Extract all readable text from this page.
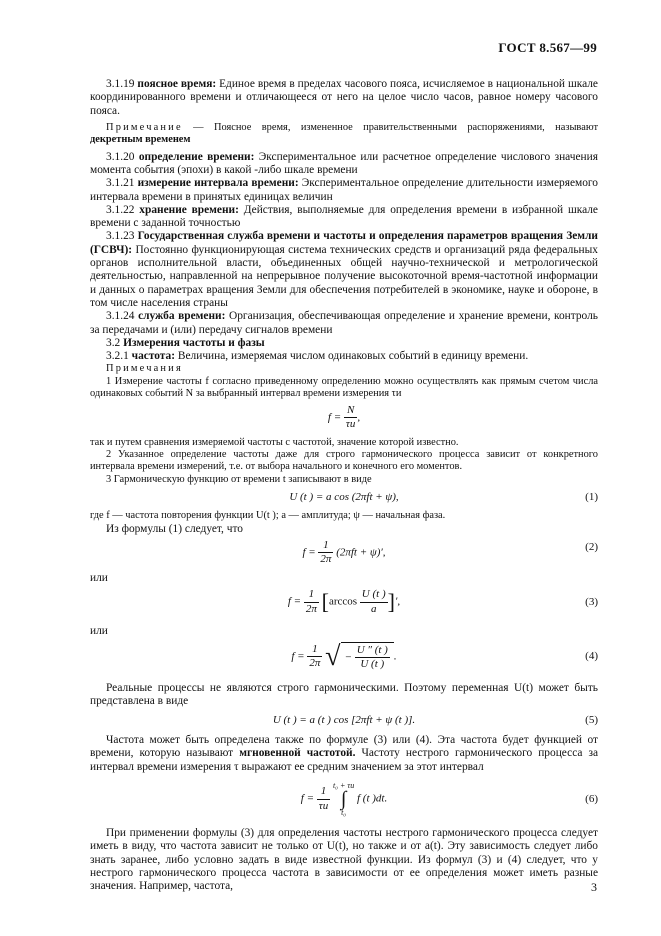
ГОСТ 8.567—99

3.1.19 поясное время: Единое время в пределах часового пояса, исчисляемое в национальной шкале координированного времени и отличающееся от него на целое число часов, равное номеру часового пояса.

Примечание — Поясное время, измененное правительственными распоряжениями, называют декретным временем

3.1.20 определение времени: Экспериментальное или расчетное определение числового значения момента события (эпохи) в какой -либо шкале времени

3.1.21 измерение интервала времени: Экспериментальное определение длительности измеряемого интервала времени в принятых единицах величин

3.1.22 хранение времени: Действия, выполняемые для определения времени в избранной шкале времени с заданной точностью

3.1.23 Государственная служба времени и частоты и определения параметров вращения Земли (ГСВЧ): Постоянно функционирующая система технических средств и организаций ряда федеральных органов исполнительной власти, объединенных общей научно-технической и метрологической деятельностью, направленной на непрерывное получение высокоточной время-частотной информации и данных о параметрах вращения Земли для обеспечения потребителей в экономике, науке и обороне, в том числе населения страны

3.1.24 служба времени: Организация, обеспечивающая определение и хранение времени, контроль за передачами и (или) передачу сигналов времени

3.2 Измерения частоты и фазы

3.2.1 частота: Величина, измеряемая числом одинаковых событий в единицу времени.

Примечания

1 Измерение частоты f согласно приведенному определению можно осуществлять как прямым счетом числа одинаковых событий N за выбранный интервал времени измерения τи

$f = \frac{N}{\tau и}$ ,

так и путем сравнения измеряемой частоты с частотой, значение которой известно.

2 Указанное определение частоты даже для строго гармонического процесса зависит от конкретного интервала времени измерений, т.е. от выбора начального и конечного его моментов.

3 Гармоническую функцию от времени t записывают в виде

U (t ) = a cos (2πft + ψ),	(1)

где f — частота повторения функции U(t ); a — амплитуда; ψ — начальная фаза.

Из формулы (1) следует, что

$f = \frac{1}{2\pi} (2\pi ft + \psi)'$,	(2)

или

$f = \frac{1}{2\pi} [\arccos \frac{U (t )}{a}$ ]′,	(3)

или

$f = \frac{1}{2\pi}$ √ − $\frac{U '' (t )}{U (t )}$ .	(4)

Реальные процессы не являются строго гармоническими. Поэтому переменная U(t) может быть представлена в виде

U (t ) = a (t ) cos [2πft + ψ (t )].	(5)

Частота может быть определена также по формуле (3) или (4). Эта частота будет функцией от времени, которую называют мгновенной частотой. Частоту нестрого гармонического процесса за интервал времени измерения τ выражают ее средним значением за этот интервал

$f = \frac{1}{\tau и}$
t₀ + τи
∫
t₀
f (t )dt.	(6)

При применении формулы (3) для определения частоты нестрого гармонического процесса следует иметь в виду, что частота зависит не только от U(t), но также и от a(t). Эту зависимость следует либо знать заранее, либо условно задать в виде известной функции. Из формул (3) и (4) следует, что у нестрого гармонического процесса частота в зависимости от ее определения может иметь разные значения. Например, частота,	3
